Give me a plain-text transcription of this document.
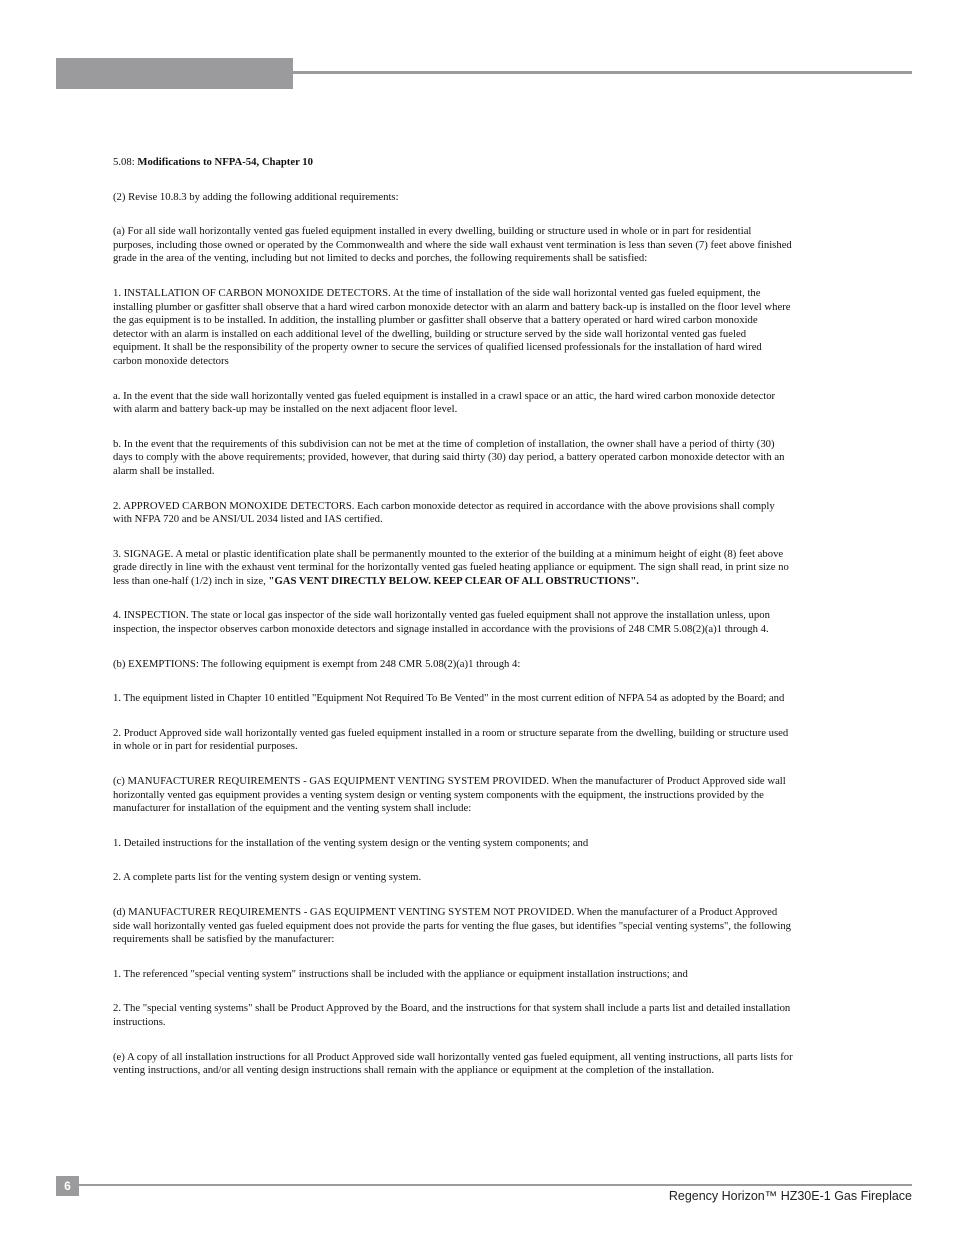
5.08: Modifications to NFPA-54, Chapter 10

(2) Revise 10.8.3 by adding the following additional requirements:

(a) For all side wall horizontally vented gas fueled equipment installed in every dwelling, building or structure used in whole or in part for residential purposes, including those owned or operated by the Commonwealth and where the side wall exhaust vent termination is less than seven (7) feet above finished grade in the area of the venting, including but not limited to decks and porches, the following requirements shall be satisfied:

1. INSTALLATION OF CARBON MONOXIDE DETECTORS. At the time of installation of the side wall horizontal vented gas fueled equipment, the installing plumber or gasfitter shall observe that a hard wired carbon monoxide detector with an alarm and battery back-up is installed on the floor level where the gas equipment is to be installed. In addition, the installing plumber or gasfitter shall observe that a battery operated or hard wired carbon monoxide detector with an alarm is installed on each additional level of the dwelling, building or structure served by the side wall horizontal vented gas fueled equipment. It shall be the responsibility of the property owner to secure the services of qualified licensed professionals for the installation of hard wired carbon monoxide detectors

a. In the event that the side wall horizontally vented gas fueled equipment is installed in a crawl space or an attic, the hard wired carbon monoxide detector with alarm and battery back-up may be installed on the next adjacent floor level.

b. In the event that the requirements of this subdivision can not be met at the time of completion of installation, the owner shall have a period of thirty (30) days to comply with the above requirements; provided, however, that during said thirty (30) day period, a battery operated carbon monoxide detector with an alarm shall be installed.

2. APPROVED CARBON MONOXIDE DETECTORS. Each carbon monoxide detector as required in accordance with the above provisions shall comply with NFPA 720 and be ANSI/UL 2034 listed and IAS certified.

3. SIGNAGE. A metal or plastic identification plate shall be permanently mounted to the exterior of the building at a minimum height of eight (8) feet above grade directly in line with the exhaust vent terminal for the horizontally vented gas fueled heating appliance or equipment. The sign shall read, in print size no less than one-half (1/2) inch in size, "GAS VENT DIRECTLY BELOW. KEEP CLEAR OF ALL OBSTRUCTIONS".

4. INSPECTION. The state or local gas inspector of the side wall horizontally vented gas fueled equipment shall not approve the installation unless, upon inspection, the inspector observes carbon monoxide detectors and signage installed in accordance with the provisions of 248 CMR 5.08(2)(a)1 through 4.

(b) EXEMPTIONS: The following equipment is exempt from 248 CMR 5.08(2)(a)1 through 4:

1. The equipment listed in Chapter 10 entitled "Equipment Not Required To Be Vented" in the most current edition of NFPA 54 as adopted by the Board; and

2. Product Approved side wall horizontally vented gas fueled equipment installed in a room or structure separate from the dwelling, building or structure used in whole or in part for residential purposes.

(c) MANUFACTURER REQUIREMENTS - GAS EQUIPMENT VENTING SYSTEM PROVIDED. When the manufacturer of Product Approved side wall horizontally vented gas equipment provides a venting system design or venting system components with the equipment, the instructions provided by the manufacturer for installation of the equipment and the venting system shall include:

1. Detailed instructions for the installation of the venting system design or the venting system components; and

2. A complete parts list for the venting system design or venting system.

(d) MANUFACTURER REQUIREMENTS - GAS EQUIPMENT VENTING SYSTEM NOT PROVIDED. When the manufacturer of a Product Approved side wall horizontally vented gas fueled equipment does not provide the parts for venting the flue gases, but identifies "special venting systems", the following requirements shall be satisfied by the manufacturer:

1. The referenced "special venting system" instructions shall be included with the appliance or equipment installation instructions; and

2. The "special venting systems" shall be Product Approved by the Board, and the instructions for that system shall include a parts list and detailed installation instructions.

(e) A copy of all installation instructions for all Product Approved side wall horizontally vented gas fueled equipment, all venting instructions, all parts lists for venting instructions, and/or all venting design instructions shall remain with the appliance or equipment at the completion of the installation.

6
Regency Horizon™ HZ30E-1 Gas Fireplace
